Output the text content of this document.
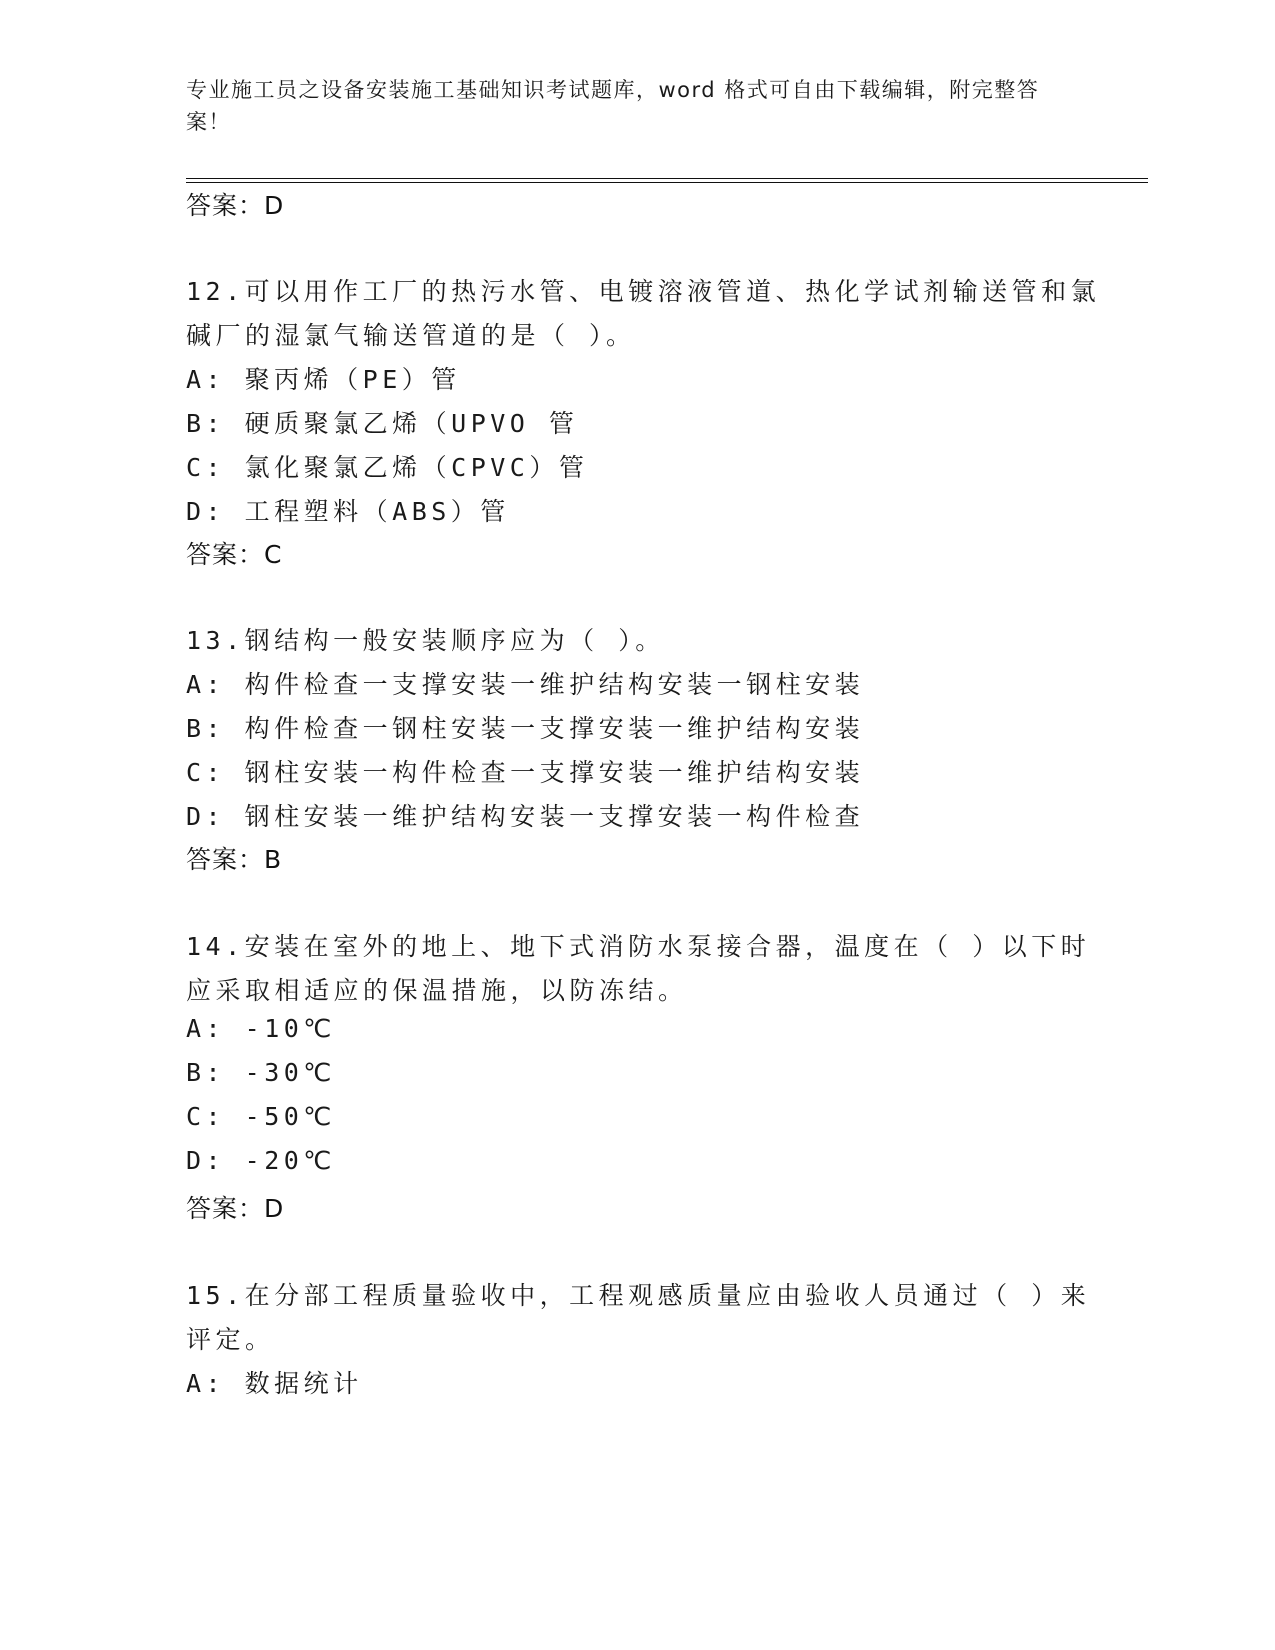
专业施工员之设备安装施工基础知识考试题库，word 格式可自由下载编辑，附完整答案！
答案：D
12.可以用作工厂的热污水管、电镀溶液管道、热化学试剂输送管和氯
碱厂的湿氯气输送管道的是（ ）。
A: 聚丙烯（PE）管
B: 硬质聚氯乙烯（UPVO 管
C: 氯化聚氯乙烯（CPVC）管
D: 工程塑料（ABS）管
答案：C
13.钢结构一般安装顺序应为（ ）。
A: 构件检查一支撑安装一维护结构安装一钢柱安装
B: 构件检查一钢柱安装一支撑安装一维护结构安装
C: 钢柱安装一构件检查一支撑安装一维护结构安装
D: 钢柱安装一维护结构安装一支撑安装一构件检查
答案：B
14.安装在室外的地上、地下式消防水泵接合器，温度在（ ）以下时
应采取相适应的保温措施，以防冻结。
A: -10℃
B: -30℃
C: -50℃
D: -20℃
答案：D
15.在分部工程质量验收中，工程观感质量应由验收人员通过（ ）来
评定。
A: 数据统计
